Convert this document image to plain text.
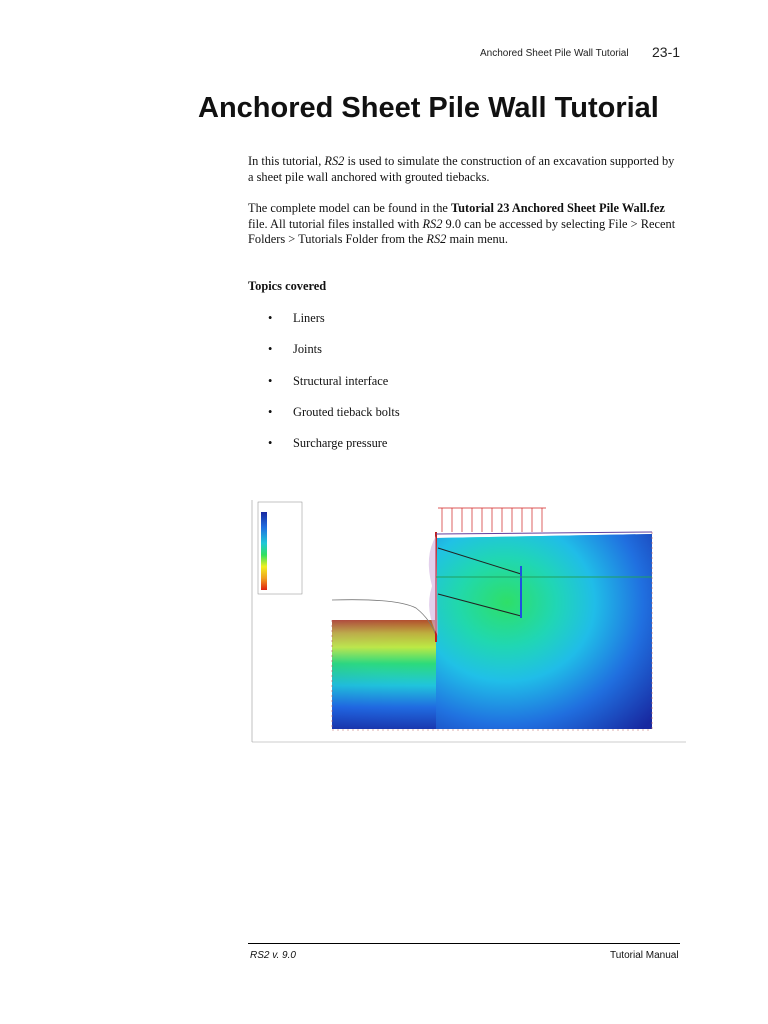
Anchored Sheet Pile Wall Tutorial 23-1
Anchored Sheet Pile Wall Tutorial
In this tutorial, RS2 is used to simulate the construction of an excavation supported by a sheet pile wall anchored with grouted tiebacks.
The complete model can be found in the Tutorial 23 Anchored Sheet Pile Wall.fez file. All tutorial files installed with RS2 9.0 can be accessed by selecting File > Recent Folders > Tutorials Folder from the RS2 main menu.
Topics covered
•	Liners
•	Joints
•	Structural interface
•	Grouted tieback bolts
•	Surcharge pressure
RS2 v. 9.0	Tutorial Manual
